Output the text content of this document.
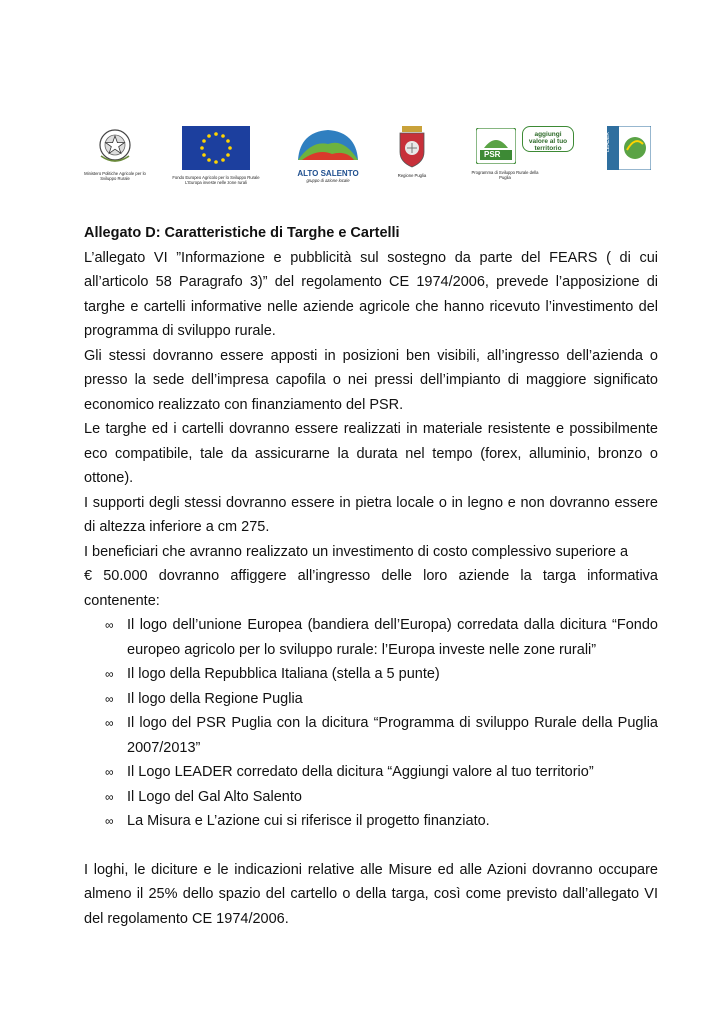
Ministero Politiche Agricole per lo Sviluppo Rurale	Fondo Europeo Agricolo per lo Sviluppo Rurale L'Europa investe nelle zone rurali
ALTO SALENTO
gruppo di azione locale
Regione Puglia
PSR
aggiungi valore al tuo territorio
Programma di Sviluppo Rurale della Puglia
LEADER

Allegato D: Caratteristiche di Targhe e Cartelli

L’allegato VI ”Informazione e pubblicità sul sostegno da parte del FEARS ( di cui all’articolo 58 Paragrafo 3)” del regolamento CE 1974/2006, prevede l’apposizione di targhe e cartelli informative nelle aziende agricole che hanno ricevuto l’investimento del programma di sviluppo rurale.

Gli stessi dovranno essere apposti in posizioni ben visibili, all’ingresso dell’azienda o presso la sede dell’impresa capofila o nei pressi dell’impianto di maggiore significato economico realizzato con finanziamento del PSR.

Le targhe ed i cartelli dovranno essere realizzati in materiale resistente e possibilmente eco compatibile, tale da assicurarne la durata nel tempo (forex, alluminio, bronzo o ottone).

I supporti degli stessi dovranno essere in pietra locale o in legno e non dovranno essere di altezza inferiore a cm 275.

I beneficiari che avranno realizzato un investimento di costo complessivo superiore a

€ 50.000 dovranno affiggere all’ingresso delle loro aziende la targa informativa contenente:

∞ Il logo dell’unione Europea (bandiera dell’Europa) corredata dalla dicitura “Fondo europeo agricolo per lo sviluppo rurale: l’Europa investe nelle zone rurali”
∞ Il logo della Repubblica Italiana (stella a 5 punte)
∞ Il logo della Regione Puglia
∞ Il logo del PSR Puglia con la dicitura “Programma di sviluppo Rurale della Puglia 2007/2013”
∞ Il Logo LEADER corredato della dicitura “Aggiungi valore al tuo territorio”
∞ Il Logo del Gal Alto Salento
∞ La Misura e L’azione cui si riferisce il progetto finanziato.

I loghi, le diciture e le indicazioni relative alle Misure ed alle Azioni dovranno occupare almeno il 25% dello spazio del cartello o della targa, così come previsto dall’allegato VI del regolamento CE 1974/2006.
